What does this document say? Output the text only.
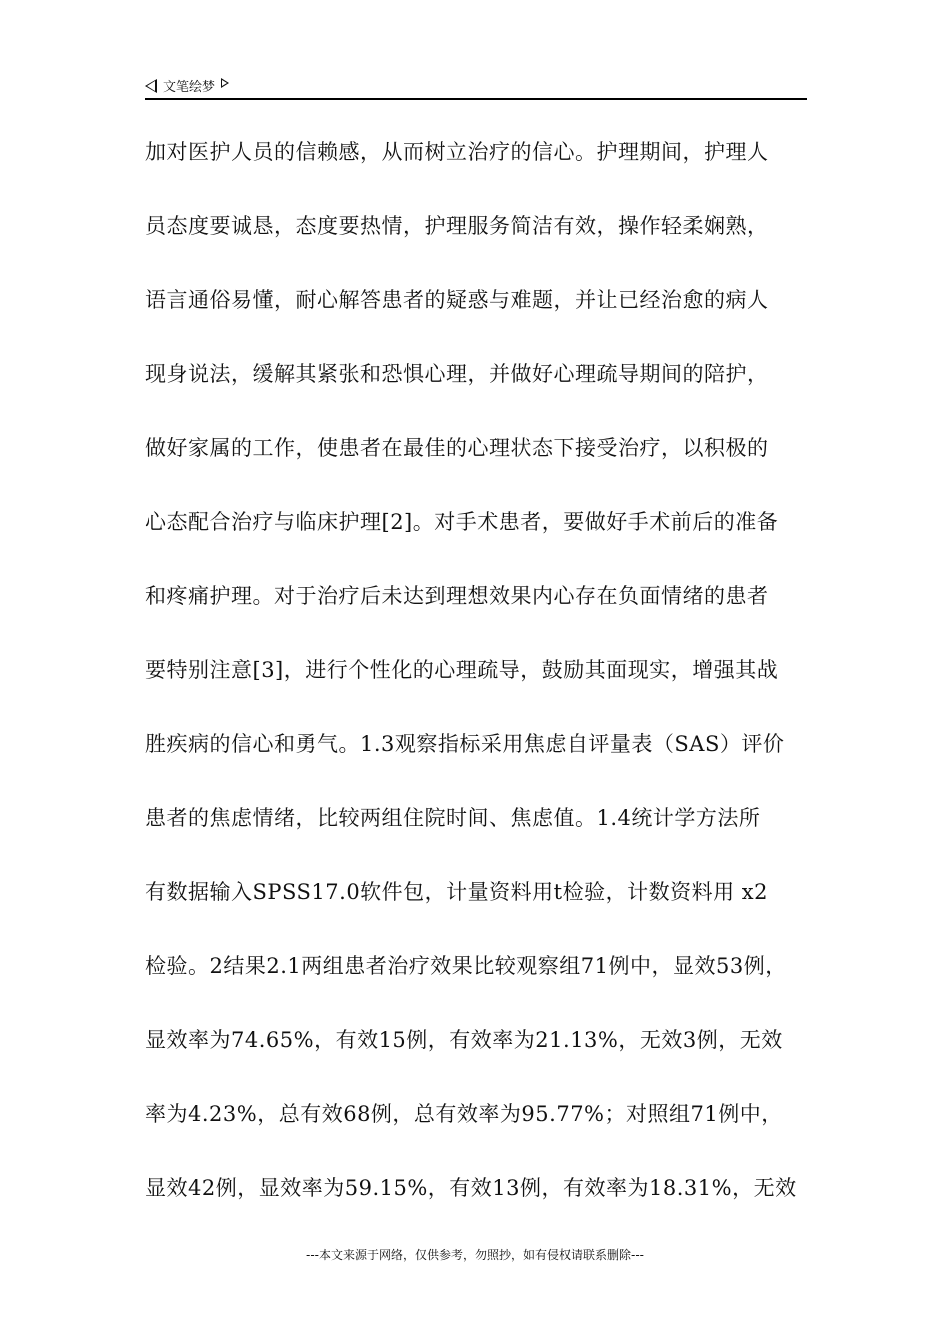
文笔绘梦
加对医护人员的信赖感，从而树立治疗的信心。护理期间，护理人
员态度要诚恳，态度要热情，护理服务简洁有效，操作轻柔娴熟，
语言通俗易懂，耐心解答患者的疑惑与难题，并让已经治愈的病人
现身说法，缓解其紧张和恐惧心理，并做好心理疏导期间的陪护，
做好家属的工作，使患者在最佳的心理状态下接受治疗，以积极的
心态配合治疗与临床护理[2]。对手术患者，要做好手术前后的准备
和疼痛护理。对于治疗后未达到理想效果内心存在负面情绪的患者
要特别注意[3]，进行个性化的心理疏导，鼓励其面现实，增强其战
胜疾病的信心和勇气。1.3观察指标采用焦虑自评量表（SAS）评价
患者的焦虑情绪，比较两组住院时间、焦虑值。1.4统计学方法所
有数据输入SPSS17.0软件包，计量资料用t检验，计数资料用 x2
检验。2结果2.1两组患者治疗效果比较观察组71例中，显效53例，
显效率为74.65%，有效15例，有效率为21.13%，无效3例，无效
率为4.23%，总有效68例，总有效率为95.77%；对照组71例中，
显效42例，显效率为59.15%，有效13例，有效率为18.31%，无效
---本文来源于网络，仅供参考，勿照抄，如有侵权请联系删除---
